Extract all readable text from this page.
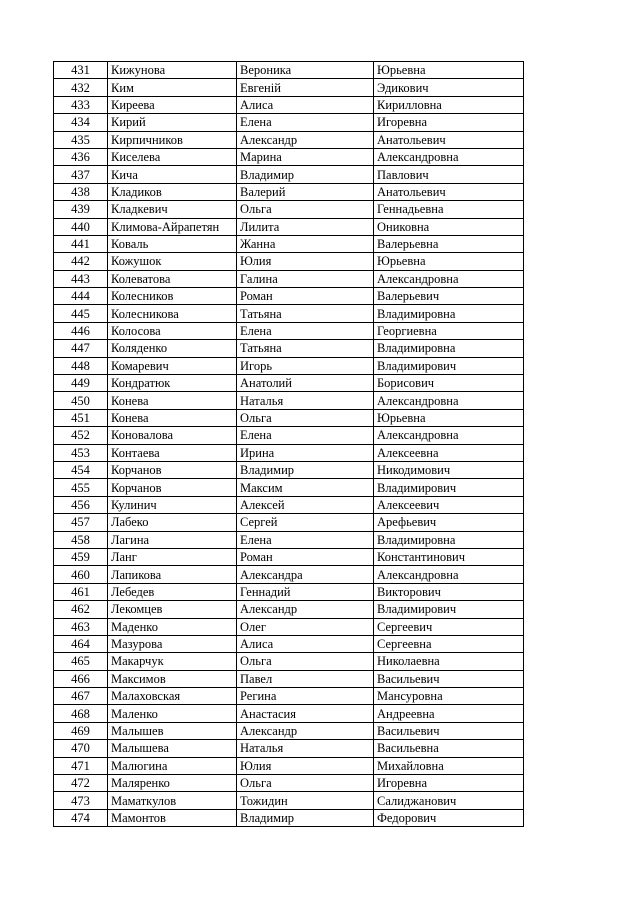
431	Кижунова	Вероника	Юрьевна
432	Ким	Евгеній	Эдикович
433	Киреева	Алиса	Кирилловна
434	Кирий	Елена	Игоревна
435	Кирпичников	Александр	Анатольевич
436	Киселева	Марина	Александровна
437	Кича	Владимир	Павлович
438	Кладиков	Валерий	Анатольевич
439	Кладкевич	Ольга	Геннадьевна
440	Климова-Айрапетян	Лилита	Ониковна
441	Коваль	Жанна	Валерьевна
442	Кожушок	Юлия	Юрьевна
443	Колеватова	Галина	Александровна
444	Колесников	Роман	Валерьевич
445	Колесникова	Татьяна	Владимировна
446	Колосова	Елена	Георгиевна
447	Коляденко	Татьяна	Владимировна
448	Комаревич	Игорь	Владимирович
449	Кондратюк	Анатолий	Борисович
450	Конева	Наталья	Александровна
451	Конева	Ольга	Юрьевна
452	Коновалова	Елена	Александровна
453	Контаева	Ирина	Алексеевна
454	Корчанов	Владимир	Никодимович
455	Корчанов	Максим	Владимирович
456	Кулинич	Алексей	Алексеевич
457	Лабеко	Сергей	Арефьевич
458	Лагина	Елена	Владимировна
459	Ланг	Роман	Константинович
460	Лапикова	Александра	Александровна
461	Лебедев	Геннадий	Викторович
462	Лекомцев	Александр	Владимирович
463	Маденко	Олег	Сергеевич
464	Мазурова	Алиса	Сергеевна
465	Макарчук	Ольга	Николаевна
466	Максимов	Павел	Васильевич
467	Малаховская	Регина	Мансуровна
468	Маленко	Анастасия	Андреевна
469	Малышев	Александр	Васильевич
470	Малышева	Наталья	Васильевна
471	Малюгина	Юлия	Михайловна
472	Маляренко	Ольга	Игоревна
473	Маматкулов	Тожидин	Салиджанович
474	Мамонтов	Владимир	Федорович
